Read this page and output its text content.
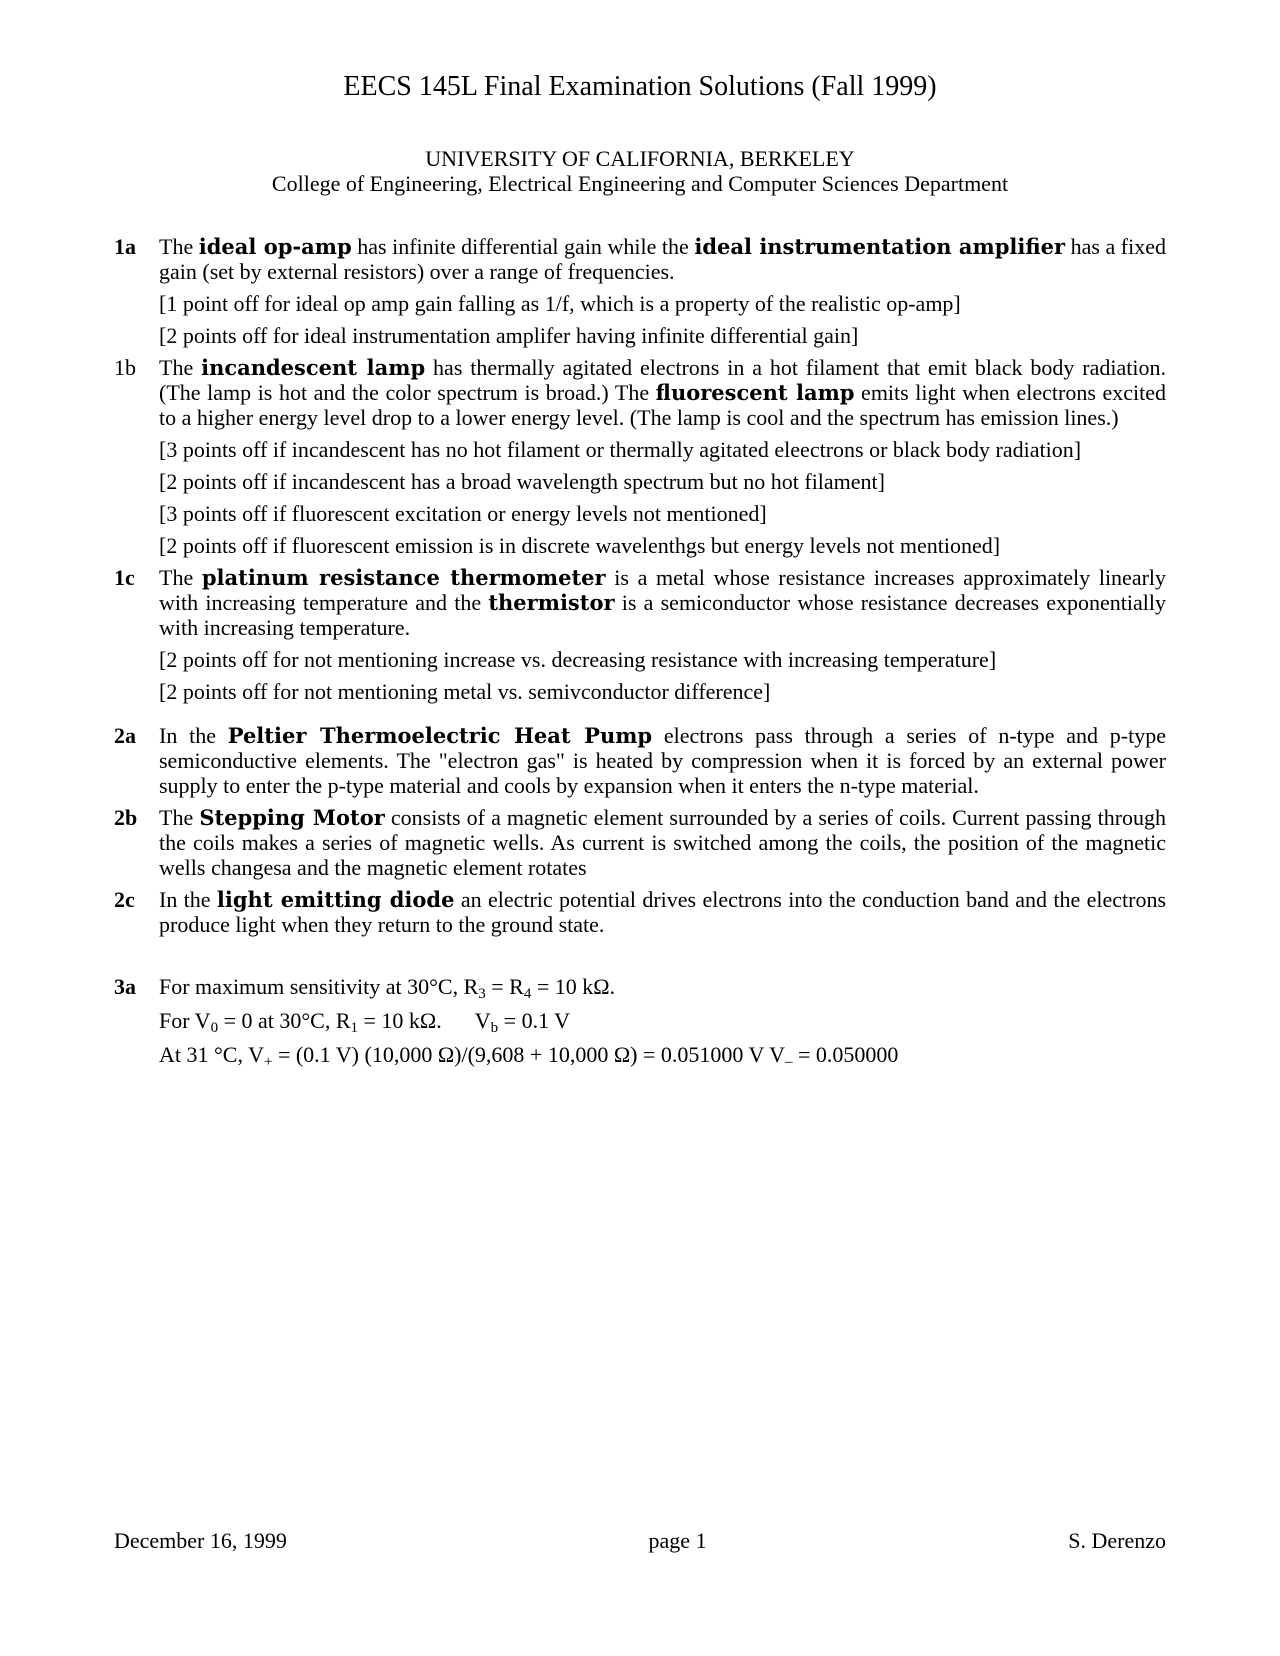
EECS 145L Final Examination Solutions (Fall 1999)
UNIVERSITY OF CALIFORNIA, BERKELEY
College of Engineering, Electrical Engineering and Computer Sciences Department
1a	The ideal op-amp has infinite differential gain while the ideal instrumentation amplifier has a fixed gain (set by external resistors) over a range of frequencies.
[1 point off for ideal op amp gain falling as 1/f, which is a property of the realistic op-amp]
[2 points off for ideal instrumentation amplifer having infinite differential gain]
1b	The incandescent lamp has thermally agitated electrons in a hot filament that emit black body radiation. (The lamp is hot and the color spectrum is broad.) The fluorescent lamp emits light when electrons excited to a higher energy level drop to a lower energy level. (The lamp is cool and the spectrum has emission lines.)
[3 points off if incandescent has no hot filament or thermally agitated eleectrons or black body radiation]
[2 points off if incandescent has a broad wavelength spectrum but no hot filament]
[3 points off if fluorescent excitation or energy levels not mentioned]
[2 points off if fluorescent emission is in discrete wavelenthgs but energy levels not mentioned]
1c	The platinum resistance thermometer is a metal whose resistance increases approximately linearly with increasing temperature and the thermistor is a semiconductor whose resistance decreases exponentially with increasing temperature.
[2 points off for not mentioning increase vs. decreasing resistance with increasing temperature]
[2 points off for not mentioning metal vs. semivconductor difference]
2a	In the Peltier Thermoelectric Heat Pump electrons pass through a series of n-type and p-type semiconductive elements. The "electron gas" is heated by compression when it is forced by an external power supply to enter the p-type material and cools by expansion when it enters the n-type material.
2b The Stepping Motor consists of a magnetic element surrounded by a series of coils. Current passing through the coils makes a series of magnetic wells. As current is switched among the coils, the position of the magnetic wells changesa and the magnetic element rotates
2c	In the light emitting diode an electric potential drives electrons into the conduction band and the electrons produce light when they return to the ground state.
3a	For maximum sensitivity at 30°C, $R_3 = R_4 = 10$ kΩ.
For $V_0 = 0$ at 30°C, $R_1 = 10$ kΩ.      $V_b = 0.1$ V
At 31 °C, $V_+ = (0.1$ V) (10,000 Ω)/(9,608 + 10,000 Ω) = 0.051000 V $V_- = 0.050000$
December 16, 1999	page 1	S. Derenzo
